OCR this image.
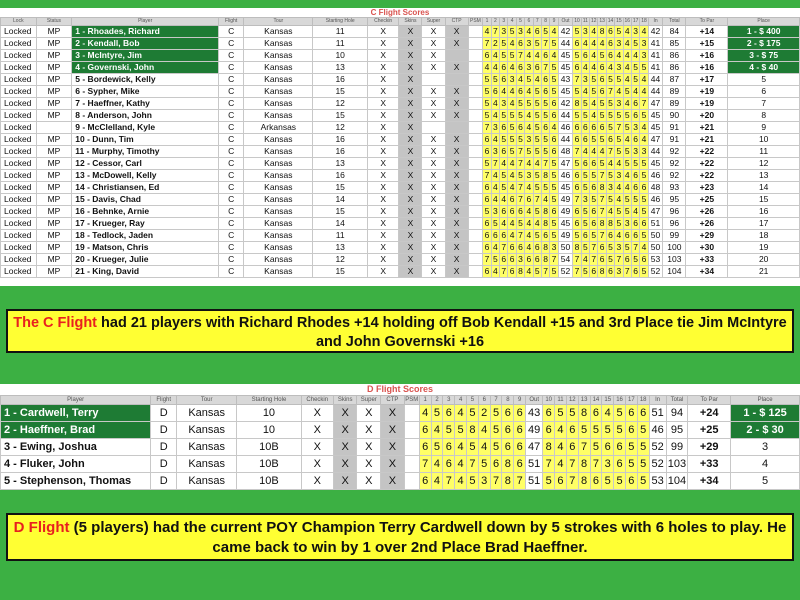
C Flight Scores
Lock	Status	Player	Flight	Tour	Starting Hole	Checkin	Skins	Super	CTP	PSM	1	2	3	4	5	6	7	8	9	Out	10	11	12	13	14	15	16	17	18	In	Total	To Par	Place
Locked	MP	1 - Rhoades, Richard	C	Kansas	11	X	X	X	X		4	7	3	5	3	4	6	5	4	42	5	3	4	8	6	5	4	3	4	42	84	+14	1 - $ 400
Locked	MP	2 - Kendall, Bob	C	Kansas	11	X	X	X	X		7	2	5	4	6	3	5	7	5	44	6	4	4	4	6	3	4	5	3	41	85	+15	2 - $ 175
Locked	MP	3 - McIntyre, Jim	C	Kansas	10	X	X	X			6	4	5	5	7	4	4	6	4	45	5	6	4	5	6	4	4	4	3	41	86	+16	3 - $ 75
Locked	MP	4 - Governski, John	C	Kansas	13	X	X	X	X		4	4	6	4	6	3	6	7	5	45	6	4	4	6	4	3	4	5	5	41	86	+16	4 - $ 40
Locked	MP	5 - Bordewick, Kelly	C	Kansas	16	X	X				5	5	6	3	4	5	4	6	5	43	7	3	5	6	5	5	4	5	4	44	87	+17	5
Locked	MP	6 - Sypher, Mike	C	Kansas	15	X	X	X	X		5	6	4	4	6	4	5	6	5	45	5	4	5	6	7	4	5	4	4	44	89	+19	6
Locked	MP	7 - Haeffner, Kathy	C	Kansas	12	X	X	X	X		5	4	3	4	5	5	5	5	6	42	8	5	4	5	5	3	4	6	7	47	89	+19	7
Locked	MP	8 - Anderson, John	C	Kansas	15	X	X	X	X		5	4	5	5	5	4	5	5	6	44	5	5	4	5	5	5	5	6	5	45	90	+20	8
Locked		9 - McClelland, Kyle	C	Arkansas	12	X	X				7	3	6	5	6	4	5	6	4	46	6	6	6	6	5	7	5	3	4	45	91	+21	9
Locked	MP	10 - Dunn, Tim	C	Kansas	16	X	X	X	X		6	4	5	5	5	3	5	5	6	44	6	6	5	5	6	5	4	6	4	47	91	+21	10
Locked	MP	11 - Murphy, Timothy	C	Kansas	16	X	X	X	X		6	3	6	5	7	5	5	5	6	48	7	4	4	4	7	5	5	3	3	44	92	+22	11
Locked	MP	12 - Cessor, Carl	C	Kansas	13	X	X	X	X		5	7	4	4	7	4	4	7	5	47	5	6	6	5	4	4	5	5	5	45	92	+22	12
Locked	MP	13 - McDowell, Kelly	C	Kansas	16	X	X	X	X		7	4	5	4	5	3	5	8	5	46	6	5	5	7	5	3	4	6	5	46	92	+22	13
Locked	MP	14 - Christiansen, Ed	C	Kansas	15	X	X	X	X		6	4	5	4	7	4	5	5	5	45	6	5	6	8	3	4	4	6	6	48	93	+23	14
Locked	MP	15 - Davis, Chad	C	Kansas	14	X	X	X	X		6	4	4	6	7	6	7	4	5	49	7	3	5	7	5	4	5	5	5	46	95	+25	15
Locked	MP	16 - Behnke, Arnie	C	Kansas	15	X	X	X	X		5	3	6	6	6	4	5	8	6	49	6	5	6	7	4	5	5	4	5	47	96	+26	16
Locked	MP	17 - Krueger, Ray	C	Kansas	14	X	X	X	X		6	5	4	4	5	4	4	8	5	45	6	5	6	8	8	5	3	6	6	51	96	+26	17
Locked	MP	18 - Tedlock, Jaden	C	Kansas	11	X	X	X	X		6	6	6	4	7	4	5	6	5	49	5	6	5	7	6	4	6	6	5	50	99	+29	18
Locked	MP	19 - Matson, Chris	C	Kansas	13	X	X	X	X		6	4	7	6	6	4	6	8	3	50	8	5	7	6	5	3	5	7	4	50	100	+30	19
Locked	MP	20 - Krueger, Julie	C	Kansas	12	X	X	X	X		7	5	6	6	3	6	6	8	7	54	7	4	7	6	5	7	6	5	6	53	103	+33	20
Locked	MP	21 - King, David	C	Kansas	15	X	X	X	X		6	4	7	6	8	4	5	7	5	52	7	5	6	8	6	3	7	6	5	52	104	+34	21
The C Flight had 21 players with Richard Rhodes +14 holding off Bob Kendall +15 and 3rd Place tie Jim McIntyre and John Governski +16
D Flight Scores
Player	Flight	Tour	Starting Hole	Checkin	Skins	Super	CTP	PSM	1	2	3	4	5	6	7	8	9	Out	10	11	12	13	14	15	16	17	18	In	Total	To Par	Place
1 - Cardwell, Terry	D	Kansas	10	X	X	X	X		4	5	6	4	5	2	5	6	6	43	6	5	5	8	6	4	5	6	6	51	94	+24	1 - $ 125
2 - Haeffner, Brad	D	Kansas	10	X	X	X	X		6	4	5	5	8	4	5	6	6	49	6	4	6	5	5	5	5	6	5	46	95	+25	2 - $ 30
3 - Ewing, Joshua	D	Kansas	10B	X	X	X	X		6	5	6	4	5	4	5	6	6	47	8	4	6	7	5	6	6	5	5	52	99	+29	3
4 - Fluker, John	D	Kansas	10B	X	X	X	X		7	4	6	4	7	5	6	8	6	51	7	4	7	8	7	3	6	5	5	52	103	+33	4
5 - Stephenson, Thomas	D	Kansas	10B	X	X	X	X		6	4	7	4	5	3	7	8	7	51	5	6	7	8	6	5	5	6	5	53	104	+34	5
D Flight (5 players) had the current POY Champion Terry Cardwell down by 5 strokes with 6 holes to play. He came back to win by 1 over 2nd Place Brad Haeffner.
